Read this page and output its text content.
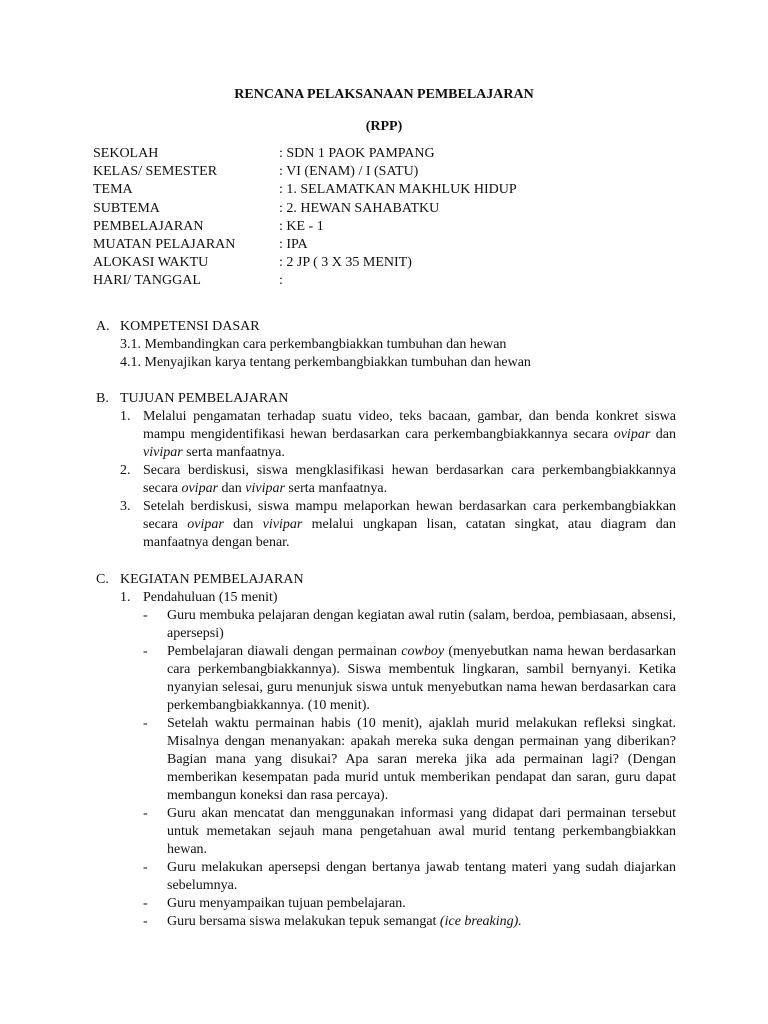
RENCANA PELAKSANAAN PEMBELAJARAN
(RPP)
SEKOLAH	: SDN 1 PAOK PAMPANG
KELAS/ SEMESTER	: VI (ENAM) / I (SATU)
TEMA	: 1. SELAMATKAN MAKHLUK HIDUP
SUBTEMA	: 2. HEWAN SAHABATKU
PEMBELAJARAN	: KE - 1
MUATAN PELAJARAN	: IPA
ALOKASI WAKTU	: 2 JP ( 3 X 35 MENIT)
HARI/ TANGGAL	:
A. KOMPETENSI DASAR
3.1. Membandingkan cara perkembangbiakkan tumbuhan dan hewan
4.1. Menyajikan karya tentang perkembangbiakkan tumbuhan dan hewan
B. TUJUAN PEMBELAJARAN
1. Melalui pengamatan terhadap suatu video, teks bacaan, gambar, dan benda konkret siswa mampu mengidentifikasi hewan berdasarkan cara perkembangbiakkannya secara ovipar dan vivipar serta manfaatnya.
2. Secara berdiskusi, siswa mengklasifikasi hewan berdasarkan cara perkembangbiakkannya secara ovipar dan vivipar serta manfaatnya.
3. Setelah berdiskusi, siswa mampu melaporkan hewan berdasarkan cara perkembangbiakkan secara ovipar dan vivipar melalui ungkapan lisan, catatan singkat, atau diagram dan manfaatnya dengan benar.
C. KEGIATAN PEMBELAJARAN
1. Pendahuluan (15 menit)
-	Guru membuka pelajaran dengan kegiatan awal rutin (salam, berdoa, pembiasaan, absensi, apersepsi)
-	Pembelajaran diawali dengan permainan cowboy (menyebutkan nama hewan berdasarkan cara perkembangbiakkannya). Siswa membentuk lingkaran, sambil bernyanyi. Ketika nyanyian selesai, guru menunjuk siswa untuk menyebutkan nama hewan berdasarkan cara perkembangbiakkannya. (10 menit).
-	Setelah waktu permainan habis (10 menit), ajaklah murid melakukan refleksi singkat. Misalnya dengan menanyakan: apakah mereka suka dengan permainan yang diberikan? Bagian mana yang disukai? Apa saran mereka jika ada permainan lagi? (Dengan memberikan kesempatan pada murid untuk memberikan pendapat dan saran, guru dapat membangun koneksi dan rasa percaya).
-	Guru akan mencatat dan menggunakan informasi yang didapat dari permainan tersebut untuk memetakan sejauh mana pengetahuan awal murid tentang perkembangbiakkan hewan.
-	Guru melakukan apersepsi dengan bertanya jawab tentang materi yang sudah diajarkan sebelumnya.
-	Guru menyampaikan tujuan pembelajaran.
-	Guru bersama siswa melakukan tepuk semangat (ice breaking).
